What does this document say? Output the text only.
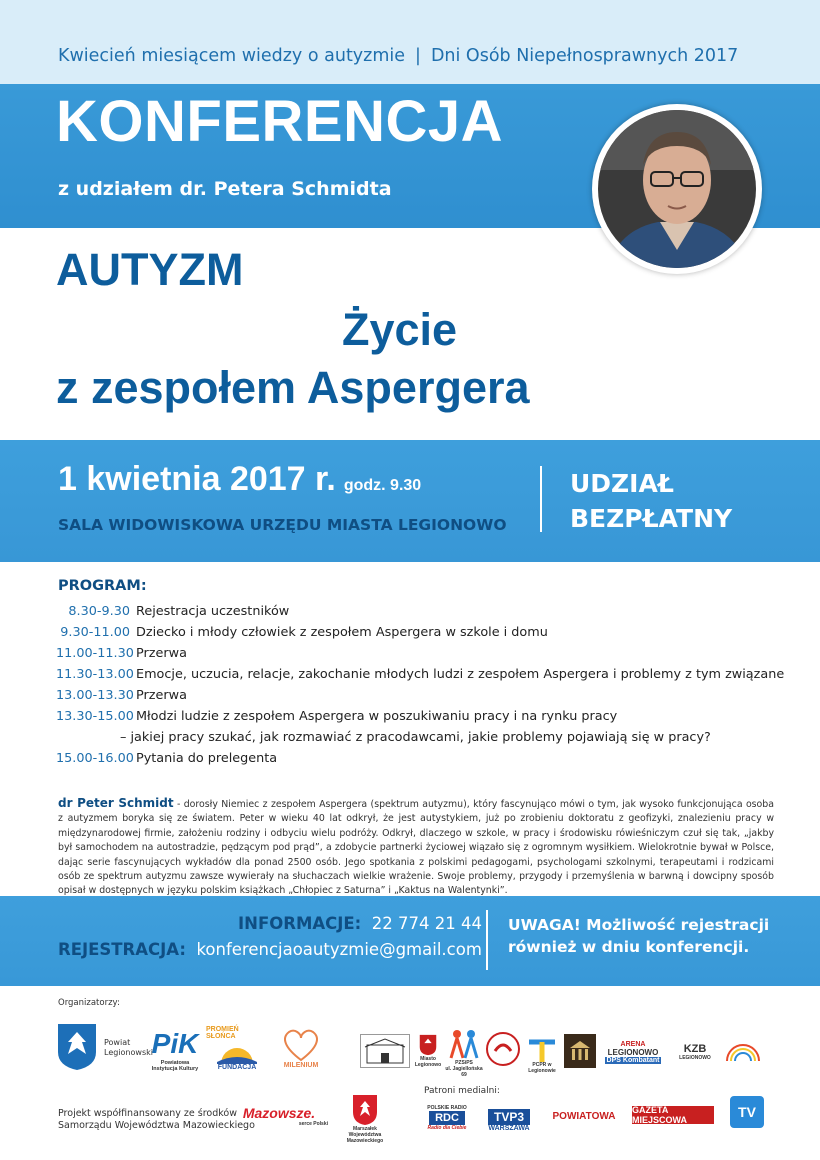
Kwiecień miesiącem wiedzy o autyzmie | Dni Osób Niepełnosprawnych 2017
KONFERENCJA
z udziałem dr. Petera Schmidta
AUTYZM
Życie
z zespołem Aspergera
1 kwietnia 2017 r. godz. 9.30
SALA WIDOWISKOWA URZĘDU MIASTA LEGIONOWO
UDZIAŁ
BEZPŁATNY
PROGRAM:
8.30-9.30 Rejestracja uczestników
9.30-11.00 Dziecko i młody człowiek z zespołem Aspergera w szkole i domu
11.00-11.30 Przerwa
11.30-13.00 Emocje, uczucia, relacje, zakochanie młodych ludzi z zespołem Aspergera i problemy z tym związane
13.00-13.30 Przerwa
13.30-15.00 Młodzi ludzie z zespołem Aspergera w poszukiwaniu pracy i na rynku pracy
– jakiej pracy szukać, jak rozmawiać z pracodawcami, jakie problemy pojawiają się w pracy?
15.00-16.00 Pytania do prelegenta
dr Peter Schmidt - dorosły Niemiec z zespołem Aspergera (spektrum autyzmu), który fascynująco mówi o tym, jak wysoko funkcjonująca osoba z autyzmem boryka się ze światem. Peter w wieku 40 lat odkrył, że jest autystykiem, już po zrobieniu doktoratu z geofizyki, znalezieniu pracy w międzynarodowej firmie, założeniu rodziny i odbyciu wielu podróży. Odkrył, dlaczego w szkole, w pracy i środowisku rówieśniczym czuł się tak, „jakby był samochodem na autostradzie, pędzącym pod prąd”, a zdobycie partnerki życiowej wiązało się z ogromnym wysiłkiem. Wielokrotnie bywał w Polsce, dając serie fascynujących wykładów dla ponad 2500 osób. Jego spotkania z polskimi pedagogami, psychologami szkolnymi, terapeutami i rodzicami osób ze spektrum autyzmu zawsze wywierały na słuchaczach wielkie wrażenie. Swoje problemy, przygody i przemyślenia w barwną i dowcipny sposób opisał w dostępnych w języku polskim książkach „Chłopiec z Saturna” i „Kaktus na Walentynki”.
INFORMACJE: 22 774 21 44
REJESTRACJA: konferencjaoautyzmie@gmail.com
UWAGA! Możliwość rejestracji
również w dniu konferencji.
Organizatorzy:
Powiat
Legionowski
PiK
Powiatowa
Instytucja Kultury
PROMIEŃ SŁOŃCA
FUNDACJA	MILENIUM
Miasto
Legionowo	PZSiPS
ul. Jagiellońska 69
PCPR w Legionowie
ARENA
LEGIONOWO
DPS Kombatant
KZB
LEGIONOWO
Projekt współfinansowany ze środków
Samorządu Województwa Mazowieckiego
Mazowsze.
serce Polski
Marszałek
Województwa Mazowieckiego
Patroni medialni:
POLSKIE RADIO
RDC
Radio dla Ciebie
TVP3
WARSZAWA
POWIATOWA
GAZETA MIEJSCOWA	TV
